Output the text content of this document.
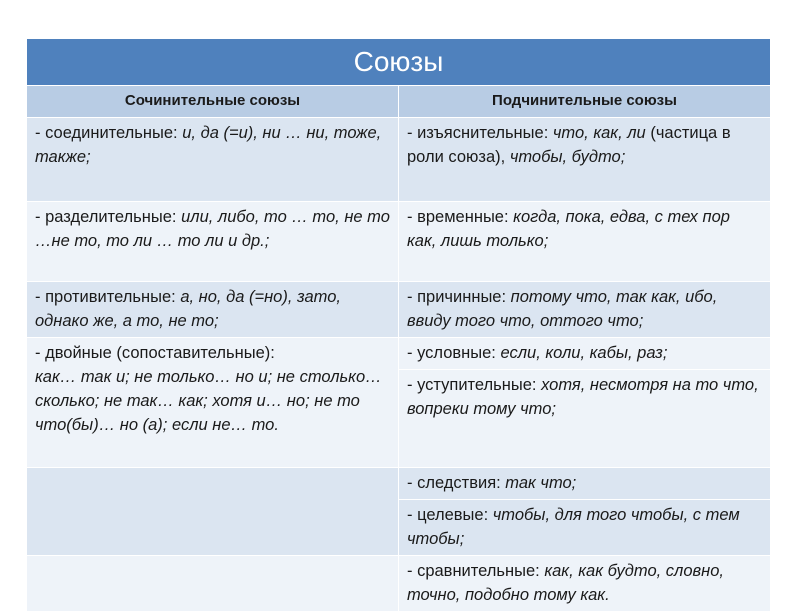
Союзы	
Сочинительные союзы	Подчинительные союзы
- соединительные: и, да (=и), ни … ни, тоже, также;	- изъяснительные: что, как, ли (частица в роли союза), чтобы, будто;
- разделительные: или, либо, то … то, не то …не то, то ли … то ли и др.;	- временные: когда, пока, едва, с тех пор как, лишь только;
- противительные: а, но, да (=но), зато, однако же, а то, не то;	- причинные: потому что, так как, ибо, ввиду того что, оттого что;
- двойные (сопоставительные):
как… так и; не только… но и; не столько… сколько; не так… как; хотя и… но; не то что(бы)… но (а); если не… то.	- условные: если, коли, кабы, раз;
	- уступительные: хотя, несмотря на то что, вопреки тому что;
	- следствия: так что;
	- целевые: чтобы, для того чтобы, с тем чтобы;
	- сравнительные: как, как будто, словно, точно, подобно тому как.
